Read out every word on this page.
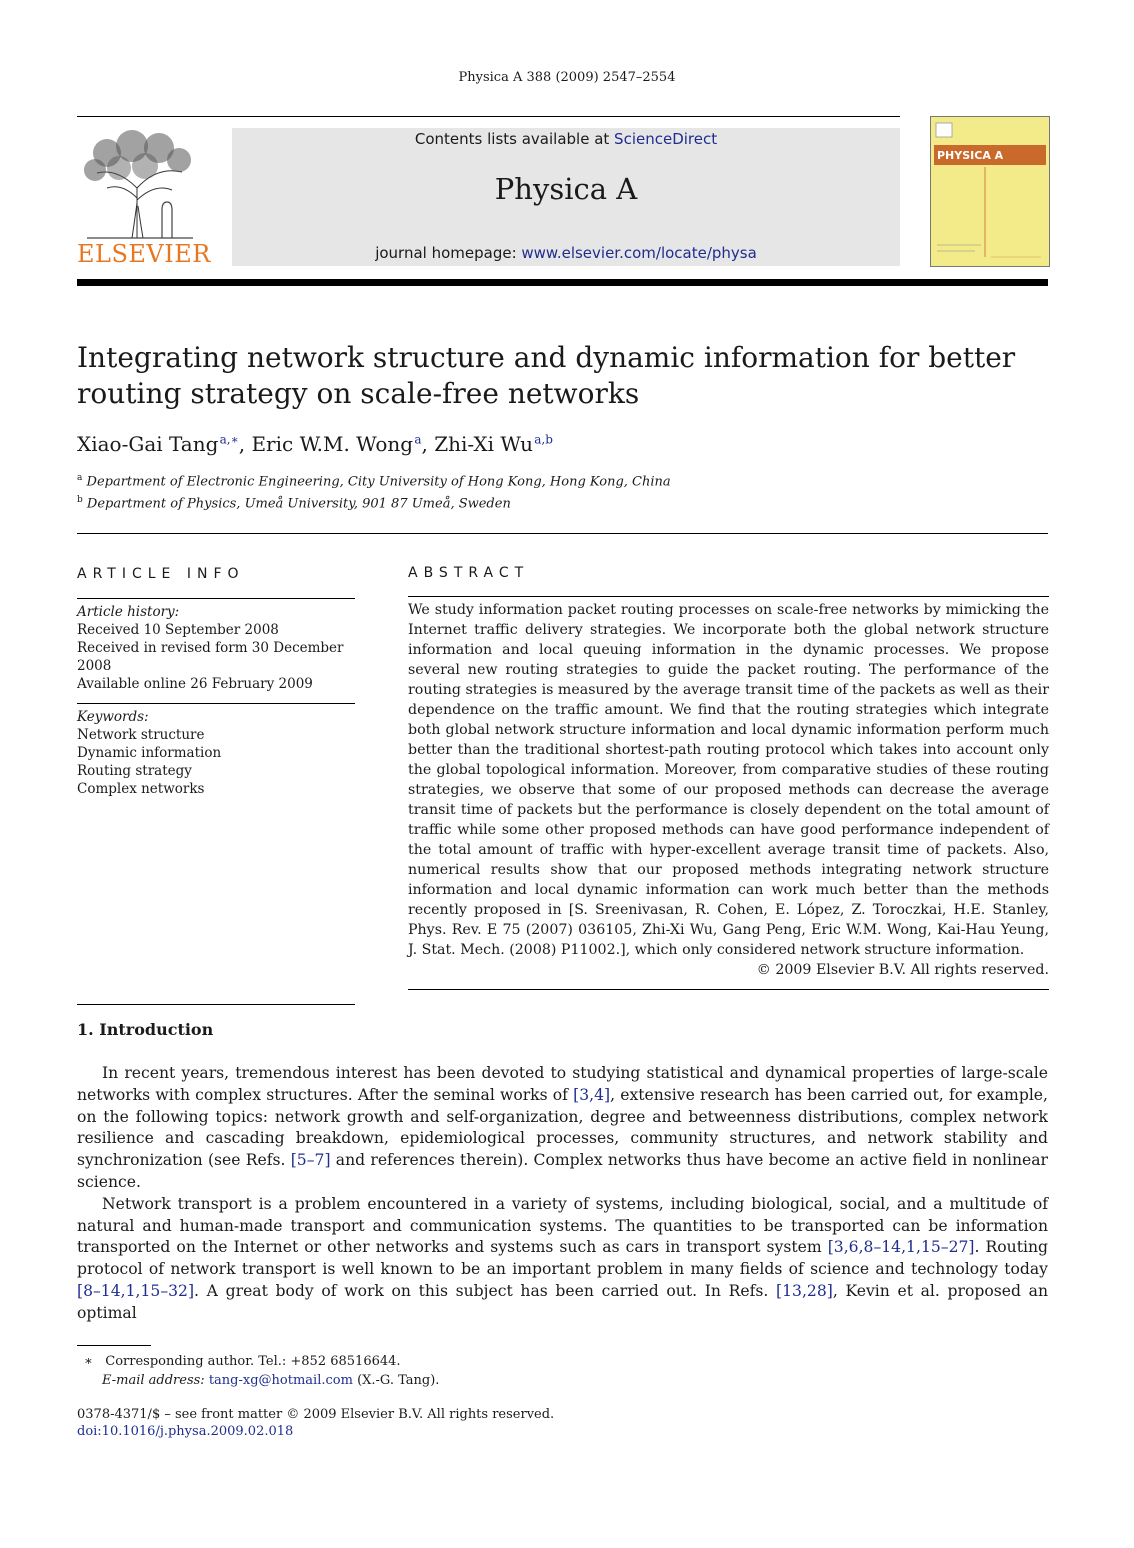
Physica A 388 (2009) 2547–2554
ELSEVIER
Contents lists available at ScienceDirect
Physica A
journal homepage: www.elsevier.com/locate/physa
PHYSICA A
Integrating network structure and dynamic information for better
routing strategy on scale-free networks
Xiao-Gai Tang $^{a,∗}$, Eric W.M. Wong $^a$, Zhi-Xi Wu $^{a,b}$
$^a$ Department of Electronic Engineering, City University of Hong Kong, Hong Kong, China
$^b$ Department of Physics, Umeå University, 901 87 Umeå, Sweden
ARTICLE INFO
Article history:
Received 10 September 2008
Received in revised form 30 December 2008
Available online 26 February 2009
Keywords:
Network structure
Dynamic information
Routing strategy
Complex networks
ABSTRACT
We study information packet routing processes on scale-free networks by mimicking the Internet traffic delivery strategies. We incorporate both the global network structure information and local queuing information in the dynamic processes. We propose several new routing strategies to guide the packet routing. The performance of the routing strategies is measured by the average transit time of the packets as well as their dependence on the traffic amount. We find that the routing strategies which integrate both global network structure information and local dynamic information perform much better than the traditional shortest-path routing protocol which takes into account only the global topological information. Moreover, from comparative studies of these routing strategies, we observe that some of our proposed methods can decrease the average transit time of packets but the performance is closely dependent on the total amount of traffic while some other proposed methods can have good performance independent of the total amount of traffic with hyper-excellent average transit time of packets. Also, numerical results show that our proposed methods integrating network structure information and local dynamic information can work much better than the methods recently proposed in [S. Sreenivasan, R. Cohen, E. López, Z. Toroczkai, H.E. Stanley, Phys. Rev. E 75 (2007) 036105, Zhi-Xi Wu, Gang Peng, Eric W.M. Wong, Kai-Hau Yeung, J. Stat. Mech. (2008) P11002.], which only considered network structure information.
© 2009 Elsevier B.V. All rights reserved.
1. Introduction

In recent years, tremendous interest has been devoted to studying statistical and dynamical properties of large-scale networks with complex structures. After the seminal works of [3,4], extensive research has been carried out, for example, on the following topics: network growth and self-organization, degree and betweenness distributions, complex network resilience and cascading breakdown, epidemiological processes, community structures, and network stability and synchronization (see Refs. [5–7] and references therein). Complex networks thus have become an active field in nonlinear science.

Network transport is a problem encountered in a variety of systems, including biological, social, and a multitude of natural and human-made transport and communication systems. The quantities to be transported can be information transported on the Internet or other networks and systems such as cars in transport system [3,6,8–14,1,15–27]. Routing protocol of network transport is well known to be an important problem in many fields of science and technology today [8–14,1,15–32]. A great body of work on this subject has been carried out. In Refs. [13,28], Kevin et al. proposed an optimal

∗ Corresponding author. Tel.: +852 68516644.
E-mail address: tang-xg@hotmail.com (X.-G. Tang).
0378-4371/$ – see front matter © 2009 Elsevier B.V. All rights reserved.
doi:10.1016/j.physa.2009.02.018
